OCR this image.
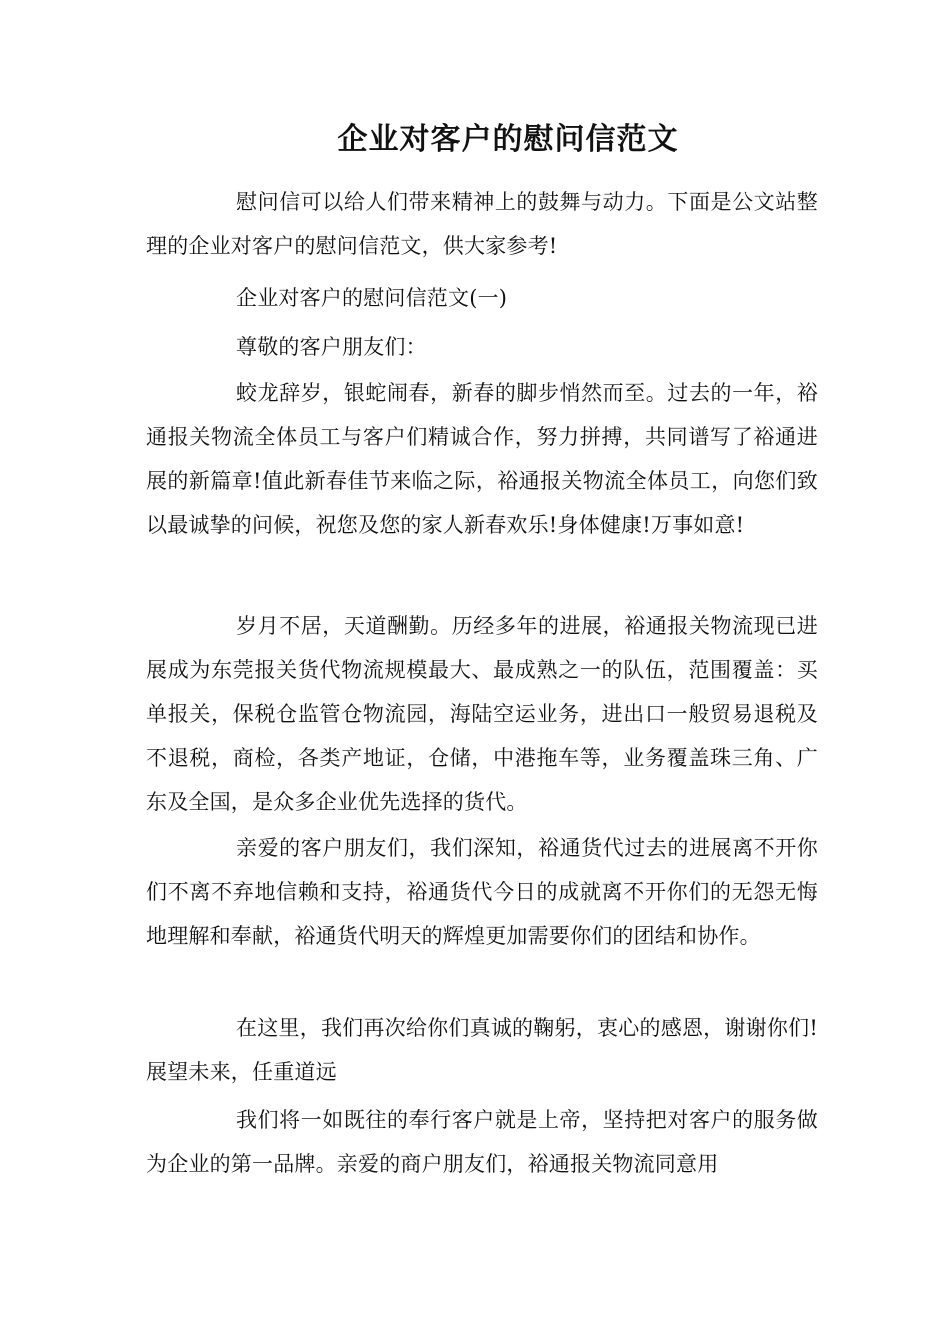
企业对客户的慰问信范文

慰问信可以给人们带来精神上的鼓舞与动力。下面是公文站整理的企业对客户的慰问信范文，供大家参考!

企业对客户的慰问信范文(一)

尊敬的客户朋友们：

蛟龙辞岁，银蛇闹春，新春的脚步悄然而至。过去的一年，裕通报关物流全体员工与客户们精诚合作，努力拼搏，共同谱写了裕通进展的新篇章!值此新春佳节来临之际，裕通报关物流全体员工，向您们致以最诚挚的问候，祝您及您的家人新春欢乐!身体健康!万事如意!

岁月不居，天道酬勤。历经多年的进展，裕通报关物流现已进展成为东莞报关货代物流规模最大、最成熟之一的队伍，范围覆盖：买单报关，保税仓监管仓物流园，海陆空运业务，进出口一般贸易退税及不退税，商检，各类产地证，仓储，中港拖车等，业务覆盖珠三角、广东及全国，是众多企业优先选择的货代。

亲爱的客户朋友们，我们深知，裕通货代过去的进展离不开你们不离不弃地信赖和支持，裕通货代今日的成就离不开你们的无怨无悔地理解和奉献，裕通货代明天的辉煌更加需要你们的团结和协作。

在这里，我们再次给你们真诚的鞠躬，衷心的感恩，谢谢你们!展望未来，任重道远

我们将一如既往的奉行客户就是上帝，坚持把对客户的服务做为企业的第一品牌。亲爱的商户朋友们，裕通报关物流同意用
